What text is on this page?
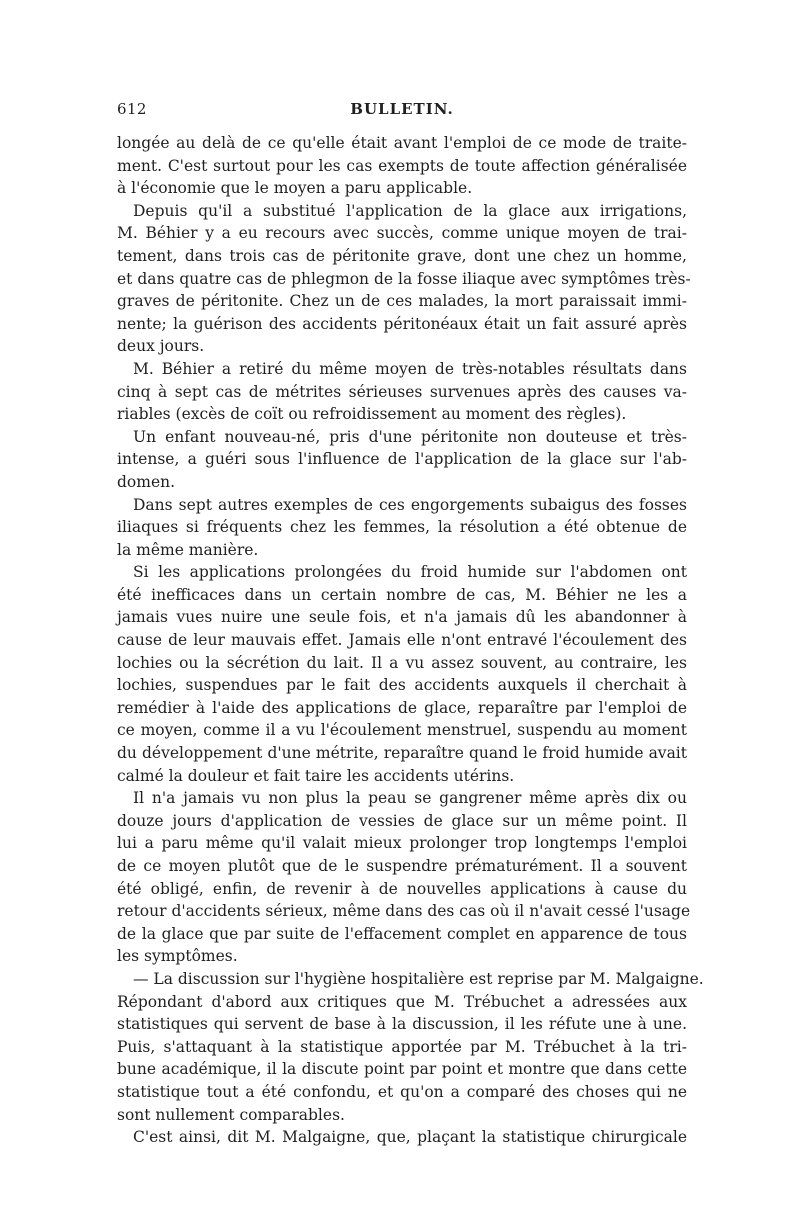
612	BULLETIN.
longée au delà de ce qu'elle était avant l'emploi de ce mode de traite-
ment. C'est surtout pour les cas exempts de toute affection généralisée
à l'économie que le moyen a paru applicable.
Depuis qu'il a substitué l'application de la glace aux irrigations,
M. Béhier y a eu recours avec succès, comme unique moyen de trai-
tement, dans trois cas de péritonite grave, dont une chez un homme,
et dans quatre cas de phlegmon de la fosse iliaque avec symptômes très-
graves de péritonite. Chez un de ces malades, la mort paraissait immi-
nente; la guérison des accidents péritonéaux était un fait assuré après
deux jours.
M. Béhier a retiré du même moyen de très-notables résultats dans
cinq à sept cas de métrites sérieuses survenues après des causes va-
riables (excès de coït ou refroidissement au moment des règles).
Un enfant nouveau-né, pris d'une péritonite non douteuse et très-
intense, a guéri sous l'influence de l'application de la glace sur l'ab-
domen.
Dans sept autres exemples de ces engorgements subaigus des fosses
iliaques si fréquents chez les femmes, la résolution a été obtenue de
la même manière.
Si les applications prolongées du froid humide sur l'abdomen ont
été inefficaces dans un certain nombre de cas, M. Béhier ne les a
jamais vues nuire une seule fois, et n'a jamais dû les abandonner à
cause de leur mauvais effet. Jamais elle n'ont entravé l'écoulement des
lochies ou la sécrétion du lait. Il a vu assez souvent, au contraire, les
lochies, suspendues par le fait des accidents auxquels il cherchait à
remédier à l'aide des applications de glace, reparaître par l'emploi de
ce moyen, comme il a vu l'écoulement menstruel, suspendu au moment
du développement d'une métrite, reparaître quand le froid humide avait
calmé la douleur et fait taire les accidents utérins.
Il n'a jamais vu non plus la peau se gangrener même après dix ou
douze jours d'application de vessies de glace sur un même point. Il
lui a paru même qu'il valait mieux prolonger trop longtemps l'emploi
de ce moyen plutôt que de le suspendre prématurément. Il a souvent
été obligé, enfin, de revenir à de nouvelles applications à cause du
retour d'accidents sérieux, même dans des cas où il n'avait cessé l'usage
de la glace que par suite de l'effacement complet en apparence de tous
les symptômes.
— La discussion sur l'hygiène hospitalière est reprise par M. Malgaigne.
Répondant d'abord aux critiques que M. Trébuchet a adressées aux
statistiques qui servent de base à la discussion, il les réfute une à une.
Puis, s'attaquant à la statistique apportée par M. Trébuchet à la tri-
bune académique, il la discute point par point et montre que dans cette
statistique tout a été confondu, et qu'on a comparé des choses qui ne
sont nullement comparables.
C'est ainsi, dit M. Malgaigne, que, plaçant la statistique chirurgicale
